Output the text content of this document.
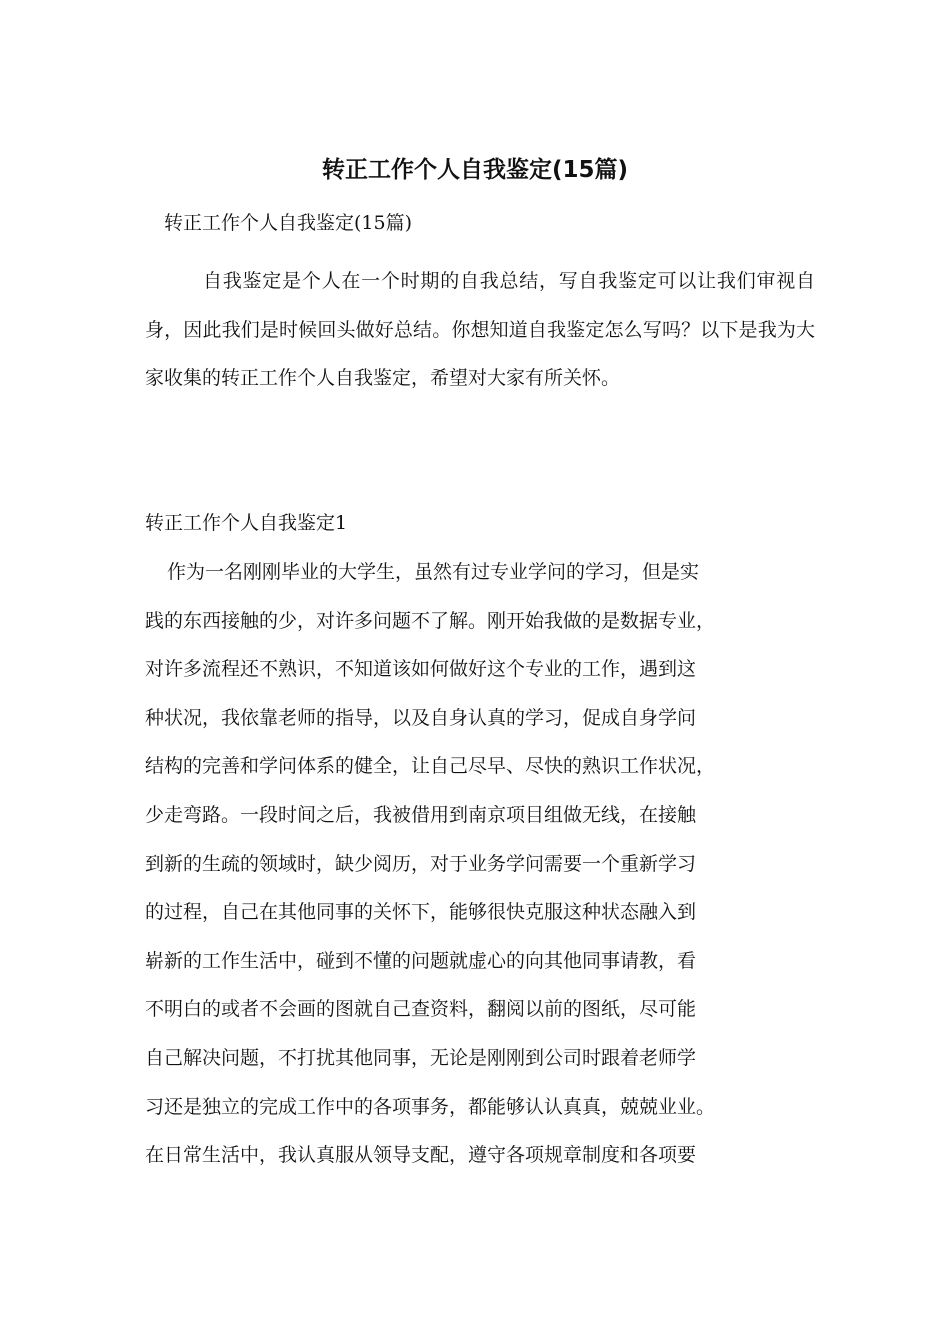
转正工作个人自我鉴定(15篇)

转正工作个人自我鉴定(15篇)

自我鉴定是个人在一个时期的自我总结，写自我鉴定可以让我们审视自身，因此我们是时候回头做好总结。你想知道自我鉴定怎么写吗？以下是我为大家收集的转正工作个人自我鉴定，希望对大家有所关怀。

转正工作个人自我鉴定1

作为一名刚刚毕业的大学生，虽然有过专业学问的学习，但是实
践的东西接触的少，对许多问题不了解。刚开始我做的是数据专业，
对许多流程还不熟识，不知道该如何做好这个专业的工作，遇到这
种状况，我依靠老师的指导，以及自身认真的学习，促成自身学问
结构的完善和学问体系的健全，让自己尽早、尽快的熟识工作状况，
少走弯路。一段时间之后，我被借用到南京项目组做无线，在接触
到新的生疏的领域时，缺少阅历，对于业务学问需要一个重新学习
的过程，自己在其他同事的关怀下，能够很快克服这种状态融入到
崭新的工作生活中，碰到不懂的问题就虚心的向其他同事请教，看
不明白的或者不会画的图就自己查资料，翻阅以前的图纸，尽可能
自己解决问题，不打扰其他同事，无论是刚刚到公司时跟着老师学
习还是独立的完成工作中的各项事务，都能够认认真真，兢兢业业。
在日常生活中，我认真服从领导支配，遵守各项规章制度和各项要
